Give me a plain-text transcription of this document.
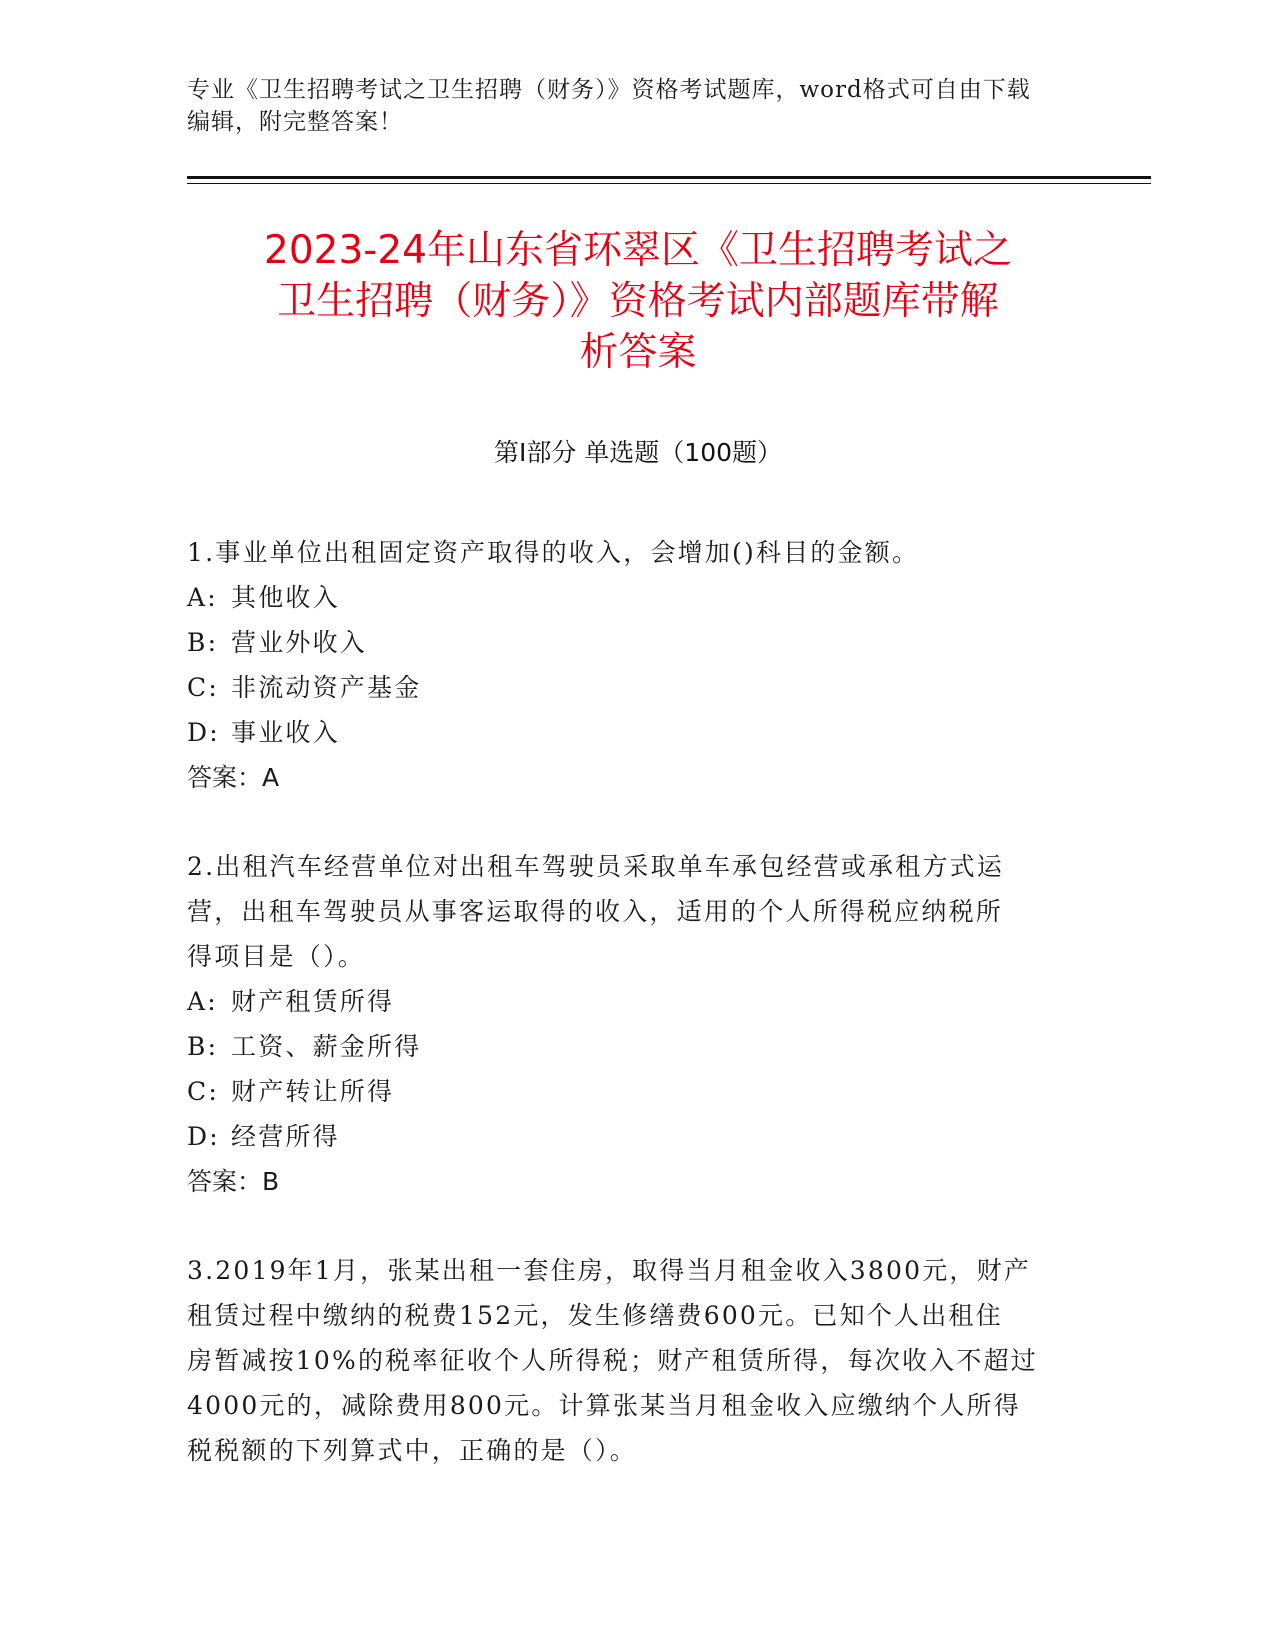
专业《卫生招聘考试之卫生招聘（财务）》资格考试题库，word格式可自由下载
编辑，附完整答案！
2023-24年山东省环翠区《卫生招聘考试之
卫生招聘（财务）》资格考试内部题库带解
析答案
第Ⅰ部分 单选题（100题）
1.事业单位出租固定资产取得的收入，会增加()科目的金额。
A: 其他收入
B: 营业外收入
C: 非流动资产基金
D: 事业收入
答案：A
2.出租汽车经营单位对出租车驾驶员采取单车承包经营或承租方式运
营，出租车驾驶员从事客运取得的收入，适用的个人所得税应纳税所
得项目是（）。
A: 财产租赁所得
B: 工资、薪金所得
C: 财产转让所得
D: 经营所得
答案：B
3.2019年1月，张某出租一套住房，取得当月租金收入3800元，财产
租赁过程中缴纳的税费152元，发生修缮费600元。已知个人出租住
房暂减按10%的税率征收个人所得税；财产租赁所得，每次收入不超过
4000元的，减除费用800元。计算张某当月租金收入应缴纳个人所得
税税额的下列算式中，正确的是（）。
